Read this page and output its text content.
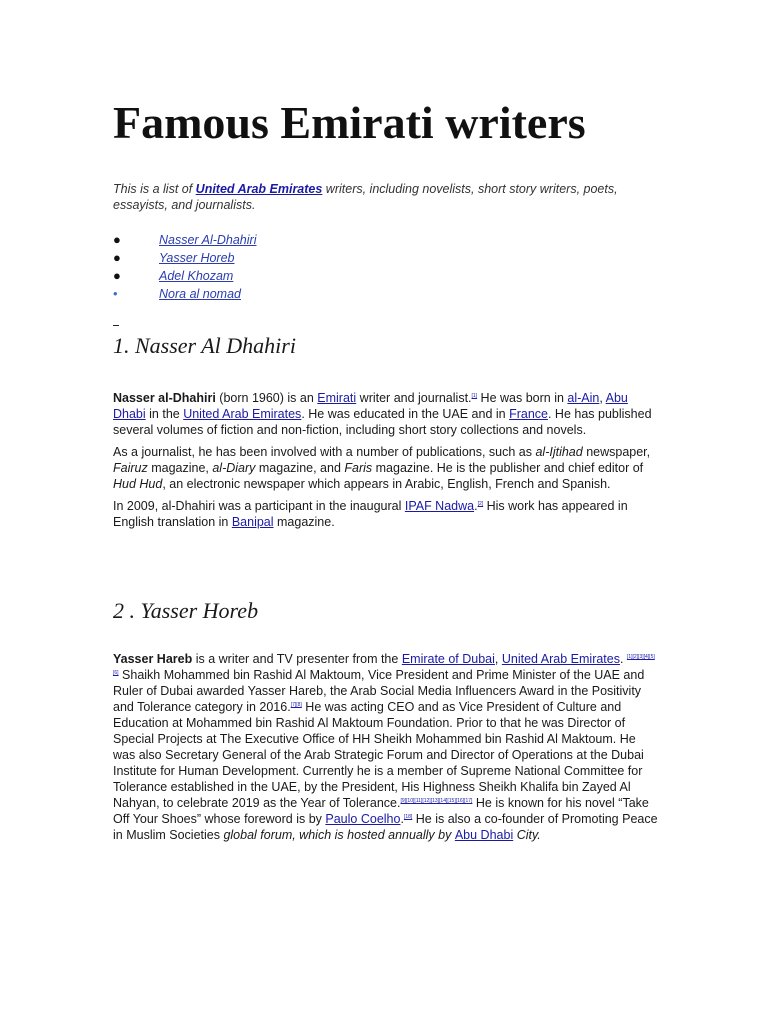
Famous Emirati writers

This is a list of United Arab Emirates writers, including novelists, short story writers, poets, essayists, and journalists.

●	Nasser Al-Dhahiri
●	Yasser Horeb
●	Adel Khozam
•	Nora al nomad
1. Nasser Al Dhahiri

Nasser al-Dhahiri (born 1960) is an Emirati writer and journalist.[1] He was born in al-Ain, Abu Dhabi in the United Arab Emirates. He was educated in the UAE and in France. He has published several volumes of fiction and non-fiction, including short story collections and novels.

As a journalist, he has been involved with a number of publications, such as al-Ijtihad newspaper, Fairuz magazine, al-Diary magazine, and Faris magazine. He is the publisher and chief editor of Hud Hud, an electronic newspaper which appears in Arabic, English, French and Spanish.

In 2009, al-Dhahiri was a participant in the inaugural IPAF Nadwa.[2] His work has appeared in English translation in Banipal magazine.

2 . Yasser Horeb

Yasser Hareb is a writer and TV presenter from the Emirate of Dubai, United Arab Emirates. [1][2][3][4][5][6] Shaikh Mohammed bin Rashid Al Maktoum, Vice President and Prime Minister of the UAE and Ruler of Dubai awarded Yasser Hareb, the Arab Social Media Influencers Award in the Positivity and Tolerance category in 2016.[7][8] He was acting CEO and as Vice President of Culture and Education at Mohammed bin Rashid Al Maktoum Foundation. Prior to that he was Director of Special Projects at The Executive Office of HH Sheikh Mohammed bin Rashid Al Maktoum. He was also Secretary General of the Arab Strategic Forum and Director of Operations at the Dubai Institute for Human Development. Currently he is a member of Supreme National Committee for Tolerance established in the UAE, by the President, His Highness Sheikh Khalifa bin Zayed Al Nahyan, to celebrate 2019 as the Year of Tolerance.[9][10][11][12][13][14][15][16][17] He is known for his novel “Take Off Your Shoes” whose foreword is by Paulo Coelho.[18] He is also a co-founder of Promoting Peace in Muslim Societies global forum, which is hosted annually by Abu Dhabi City.
